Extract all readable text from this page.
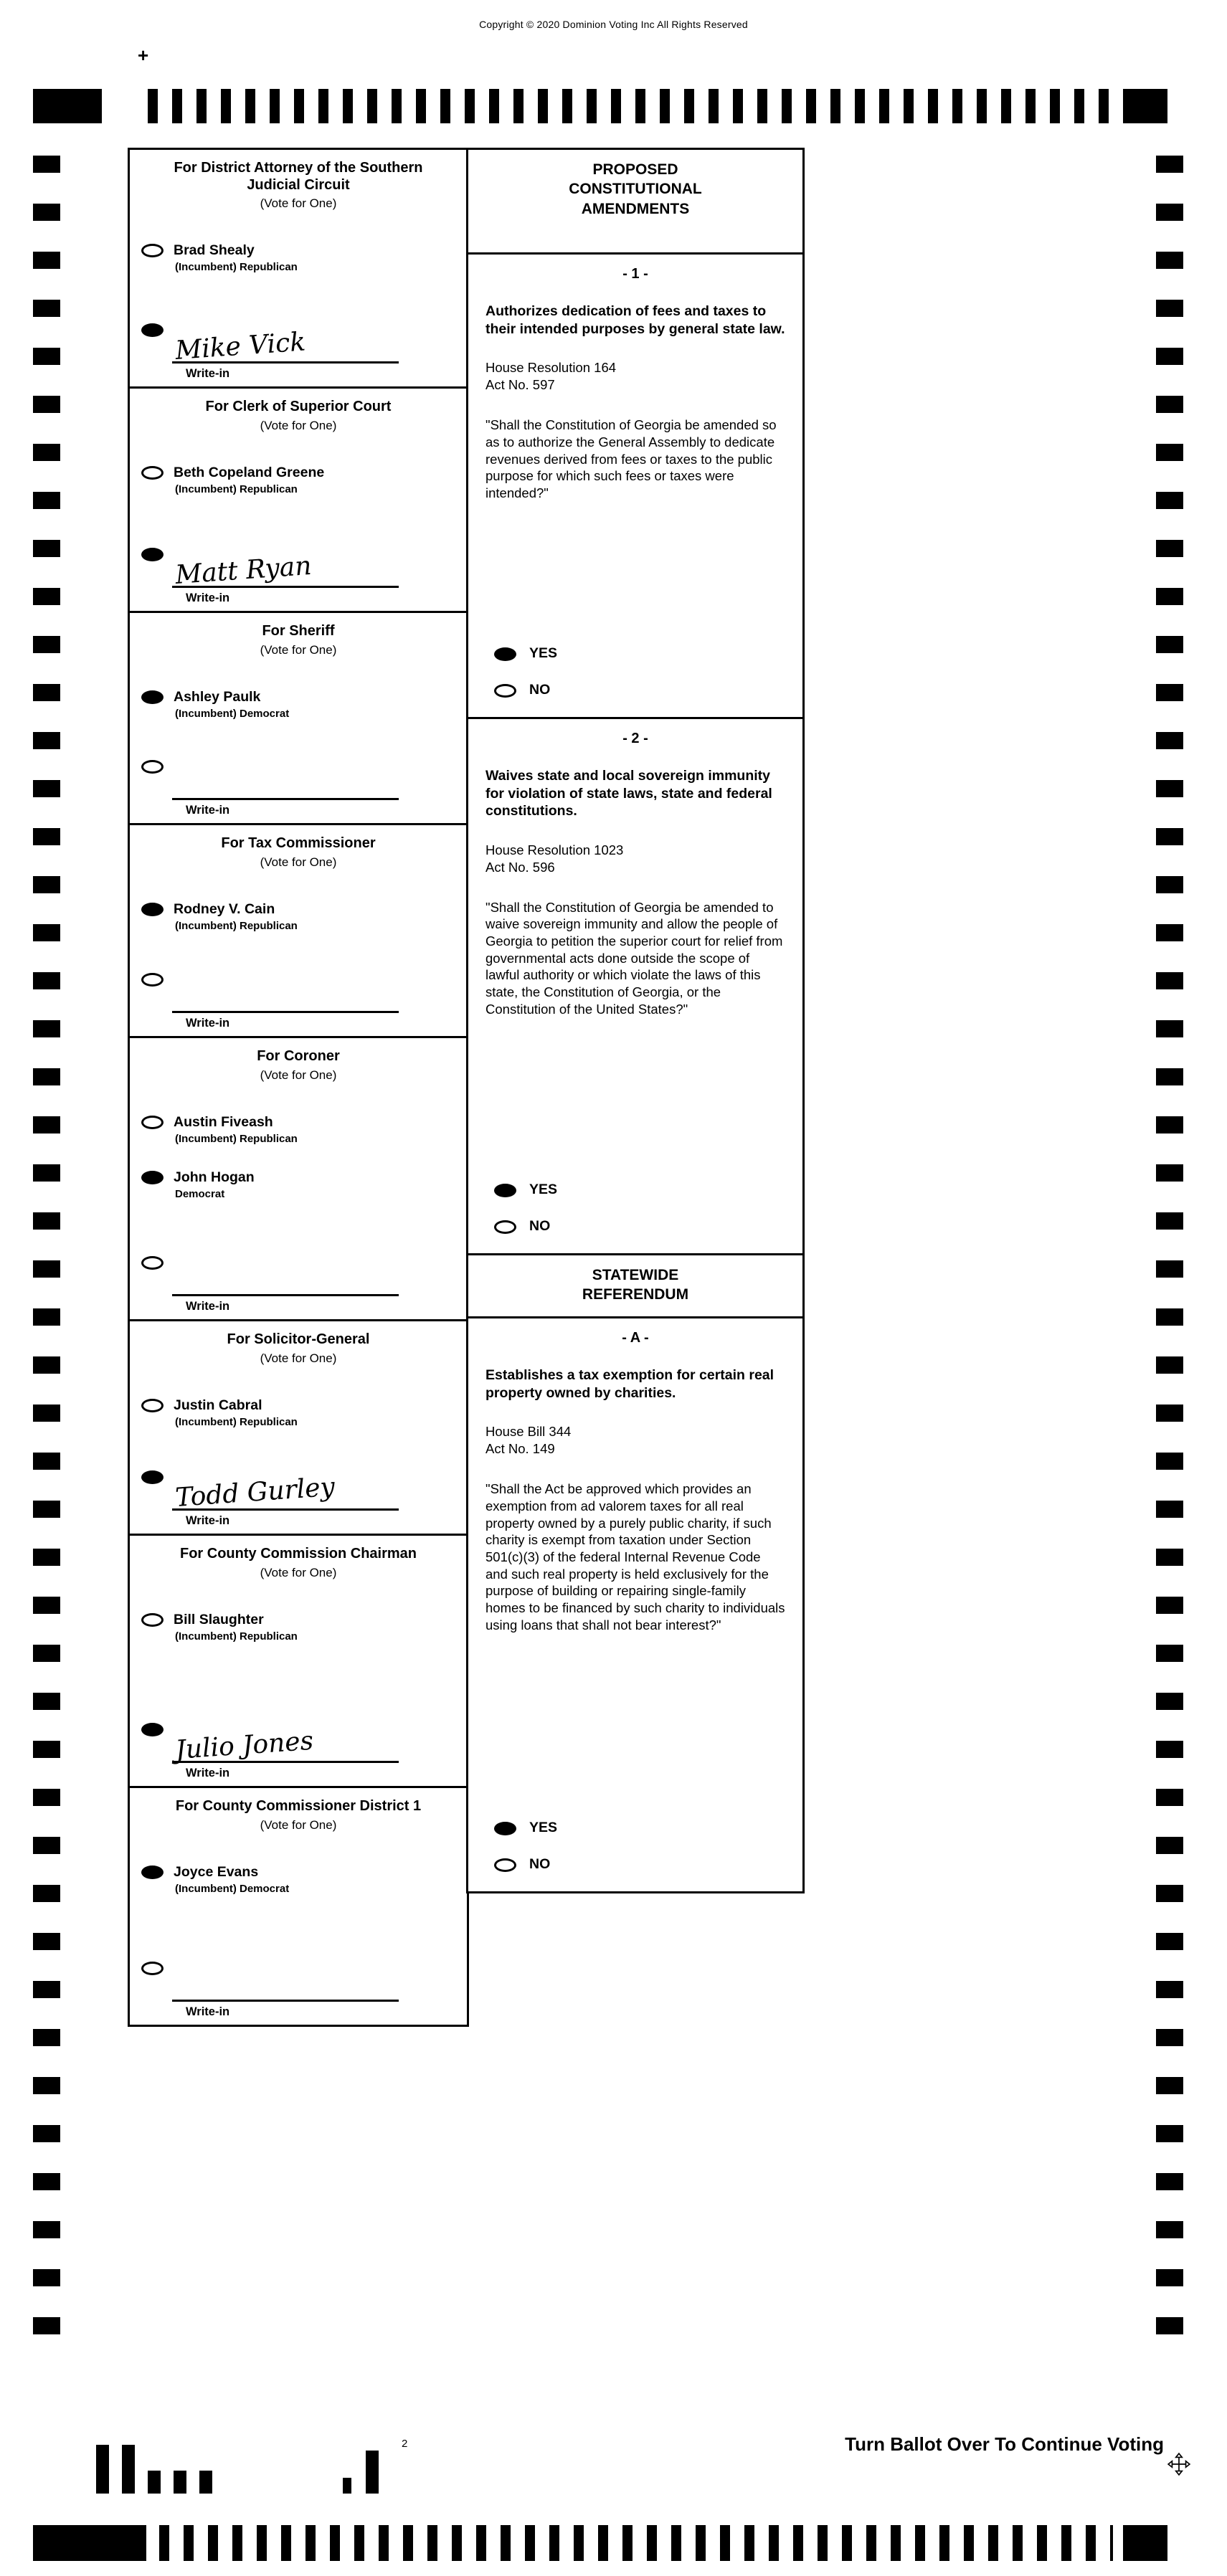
Copyright © 2020 Dominion Voting Inc All Rights Reserved
+
For District Attorney of the Southern Judicial Circuit
(Vote for One)
Brad Shealy
(Incumbent) Republican
Mike Vick
Write-in
For Clerk of Superior Court
(Vote for One)
Beth Copeland Greene
(Incumbent) Republican
Matt Ryan
Write-in
For Sheriff
(Vote for One)
Ashley Paulk
(Incumbent) Democrat
Write-in
For Tax Commissioner
(Vote for One)
Rodney V. Cain
(Incumbent) Republican
Write-in
For Coroner
(Vote for One)
Austin Fiveash
(Incumbent) Republican
John Hogan
Democrat
Write-in
For Solicitor-General
(Vote for One)
Justin Cabral
(Incumbent) Republican
Todd Gurley
Write-in
For County Commission Chairman
(Vote for One)
Bill Slaughter
(Incumbent) Republican
Julio Jones
Write-in
For County Commissioner District 1
(Vote for One)
Joyce Evans
(Incumbent) Democrat
Write-in
PROPOSED
CONSTITUTIONAL
AMENDMENTS
- 1 -
Authorizes dedication of fees and taxes to their intended purposes by general state law.
House Resolution 164
Act No. 597
"Shall the Constitution of Georgia be amended so as to authorize the General Assembly to dedicate revenues derived from fees or taxes to the public purpose for which such fees or taxes were intended?"
YES
NO
- 2 -
Waives state and local sovereign immunity for violation of state laws, state and federal constitutions.
House Resolution 1023
Act No. 596
"Shall the Constitution of Georgia be amended to waive sovereign immunity and allow the people of Georgia to petition the superior court for relief from governmental acts done outside the scope of lawful authority or which violate the laws of this state, the Constitution of Georgia, or the Constitution of the United States?"
YES
NO
STATEWIDE
REFERENDUM
- A -
Establishes a tax exemption for certain real property owned by charities.
House Bill 344
Act No. 149
"Shall the Act be approved which provides an exemption from ad valorem taxes for all real property owned by a purely public charity, if such charity is exempt from taxation under Section 501(c)(3) of the federal Internal Revenue Code and such real property is held exclusively for the purpose of building or repairing single-family homes to be financed by such charity to individuals using loans that shall not bear interest?"
YES
NO
2	Turn Ballot Over To Continue Voting
